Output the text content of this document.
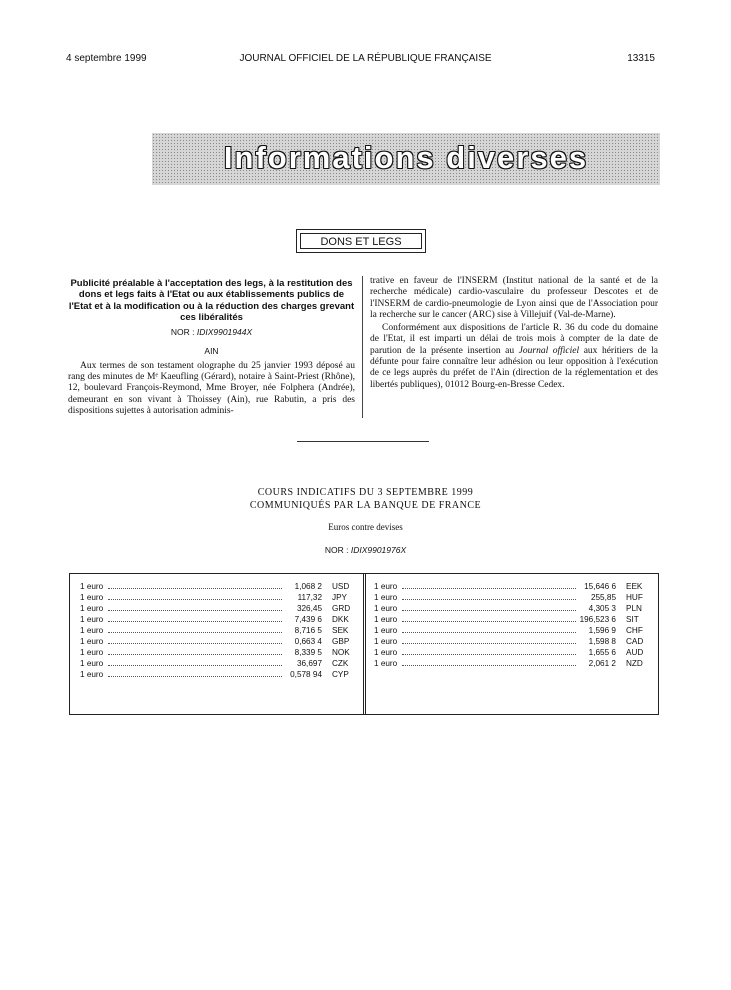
4 septembre 1999	JOURNAL OFFICIEL DE LA RÉPUBLIQUE FRANÇAISE	13315
Informations diverses
DONS ET LEGS

Publicité préalable à l'acceptation des legs, à la restitution des dons et legs faits à l'Etat ou aux établissements publics de l'Etat et à la modification ou à la réduction des charges grevant ces libéralités

NOR : IDIX9901944X

AIN

Aux termes de son testament olographe du 25 janvier 1993 déposé au rang des minutes de Mᵉ Kaeufling (Gérard), notaire à Saint-Priest (Rhône), 12, boulevard François-Reymond, Mme Broyer, née Folphera (Andrée), demeurant en son vivant à Thoissey (Ain), rue Rabutin, a pris des dispositions sujettes à autorisation adminis-

trative en faveur de l'INSERM (Institut national de la santé et de la recherche médicale) cardio-vasculaire du professeur Descotes et de l'INSERM de cardio-pneumologie de Lyon ainsi que de l'Association pour la recherche sur le cancer (ARC) sise à Villejuif (Val-de-Marne).

Conformément aux dispositions de l'article R. 36 du code du domaine de l'Etat, il est imparti un délai de trois mois à compter de la date de parution de la présente insertion au Journal officiel aux héritiers de la défunte pour faire connaître leur adhésion ou leur opposition à l'exécution de ce legs auprès du préfet de l'Ain (direction de la réglementation et des libertés publiques), 01012 Bourg-en-Bresse Cedex.

COURS INDICATIFS DU 3 SEPTEMBRE 1999
COMMUNIQUÉS PAR LA BANQUE DE FRANCE
Euros contre devises
NOR : IDIX9901976X
1 euro	1,068 2 USD
1 euro	117,32 JPY
1 euro	326,45 GRD
1 euro	7,439 6 DKK
1 euro	8,716 5 SEK
1 euro	0,663 4 GBP
1 euro	8,339 5 NOK
1 euro	36,697 CZK
1 euro	0,578 94 CYP
1 euro	15,646 6 EEK
1 euro	255,85 HUF
1 euro	4,305 3 PLN
1 euro	196,523 6 SIT
1 euro	1,596 9 CHF
1 euro	1,598 8 CAD
1 euro	1,655 6 AUD
1 euro	2,061 2 NZD
